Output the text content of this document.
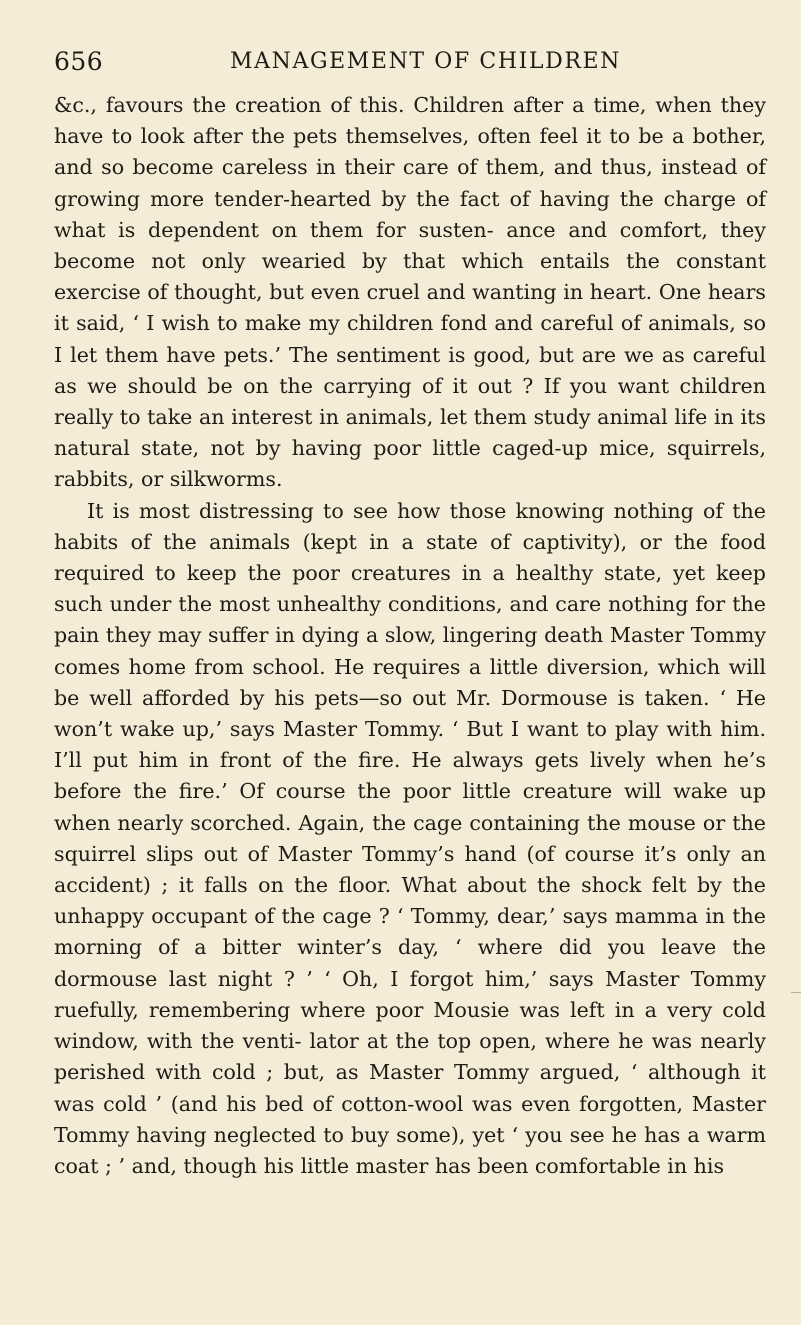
656	MANAGEMENT OF CHILDREN

&c., favours the creation of this. Children after a time, when they have to look after the pets themselves, often feel it to be a bother, and so become careless in their care of them, and thus, instead of growing more tender-hearted by the fact of having the charge of what is dependent on them for susten- ance and comfort, they become not only wearied by that which entails the constant exercise of thought, but even cruel and wanting in heart. One hears it said, ‘ I wish to make my children fond and careful of animals, so I let them have pets.’ The sentiment is good, but are we as careful as we should be on the carrying of it out ? If you want children really to take an interest in animals, let them study animal life in its natural state, not by having poor little caged-up mice, squirrels, rabbits, or silkworms.

It is most distressing to see how those knowing nothing of the habits of the animals (kept in a state of captivity), or the food required to keep the poor creatures in a healthy state, yet keep such under the most unhealthy conditions, and care nothing for the pain they may suffer in dying a slow, lingering death Master Tommy comes home from school. He requires a little diversion, which will be well afforded by his pets—so out Mr. Dormouse is taken. ‘ He won’t wake up,’ says Master Tommy. ‘ But I want to play with him. I’ll put him in front of the fire. He always gets lively when he’s before the fire.’ Of course the poor little creature will wake up when nearly scorched. Again, the cage containing the mouse or the squirrel slips out of Master Tommy’s hand (of course it’s only an accident) ; it falls on the floor. What about the shock felt by the unhappy occupant of the cage ? ‘ Tommy, dear,’ says mamma in the morning of a bitter winter’s day, ‘ where did you leave the dormouse last night ? ’ ‘ Oh, I forgot him,’ says Master Tommy ruefully, remembering where poor Mousie was left in a very cold window, with the venti- lator at the top open, where he was nearly perished with cold ; but, as Master Tommy argued, ‘ although it was cold ’ (and his bed of cotton-wool was even forgotten, Master Tommy having neglected to buy some), yet ‘ you see he has a warm coat ; ’ and, though his little master has been comfortable in his
